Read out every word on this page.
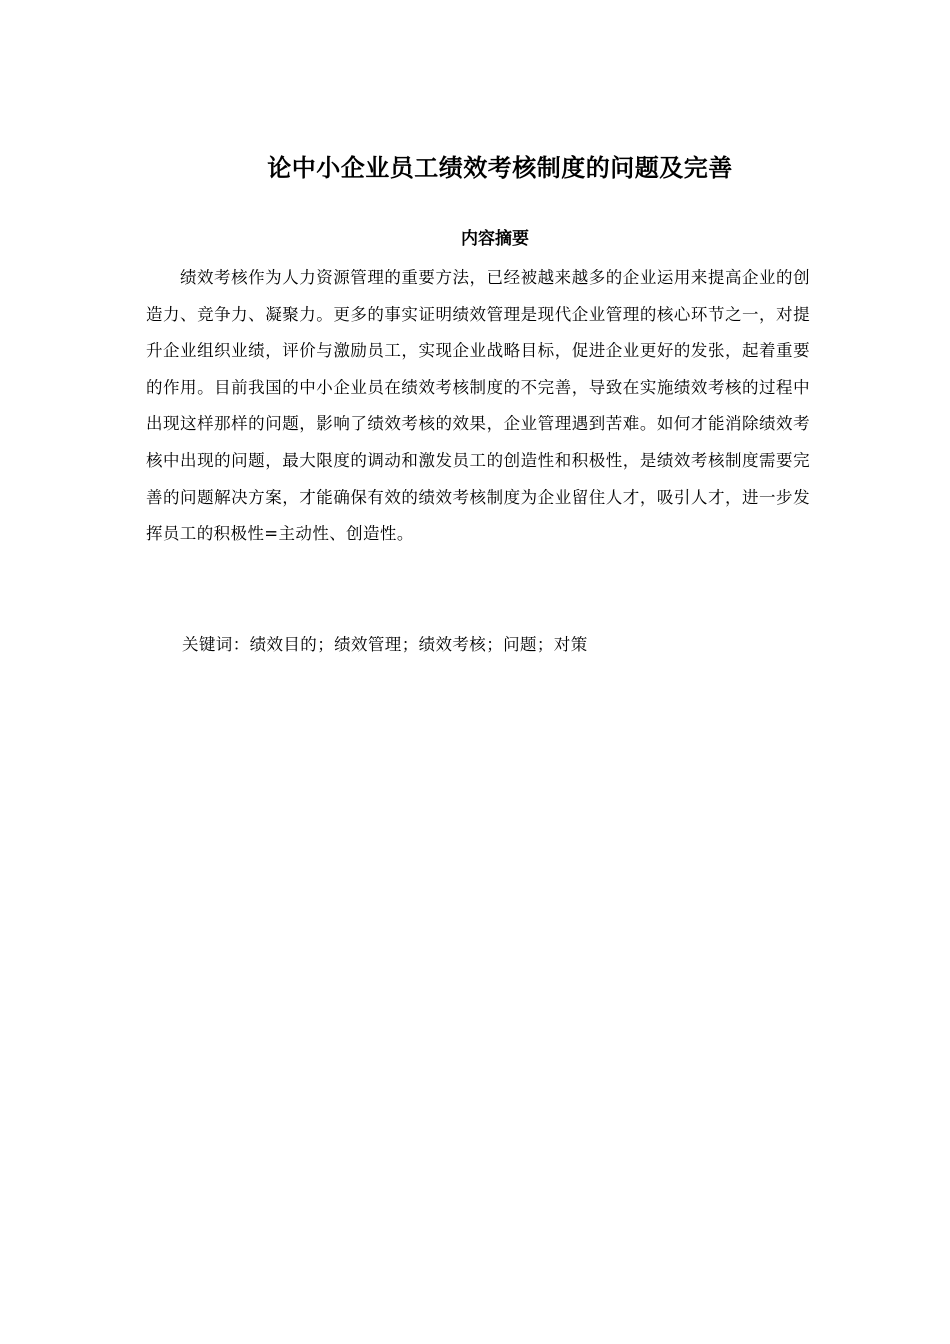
论中小企业员工绩效考核制度的问题及完善
内容摘要

绩效考核作为人力资源管理的重要方法，已经被越来越多的企业运用来提高企业的创造力、竞争力、凝聚力。更多的事实证明绩效管理是现代企业管理的核心环节之一，对提升企业组织业绩，评价与激励员工，实现企业战略目标，促进企业更好的发张，起着重要的作用。目前我国的中小企业员在绩效考核制度的不完善，导致在实施绩效考核的过程中出现这样那样的问题，影响了绩效考核的效果，企业管理遇到苦难。如何才能消除绩效考核中出现的问题，最大限度的调动和激发员工的创造性和积极性，是绩效考核制度需要完善的问题解决方案，才能确保有效的绩效考核制度为企业留住人才，吸引人才，进一步发挥员工的积极性=主动性、创造性。

关键词：绩效目的；绩效管理；绩效考核；问题；对策
